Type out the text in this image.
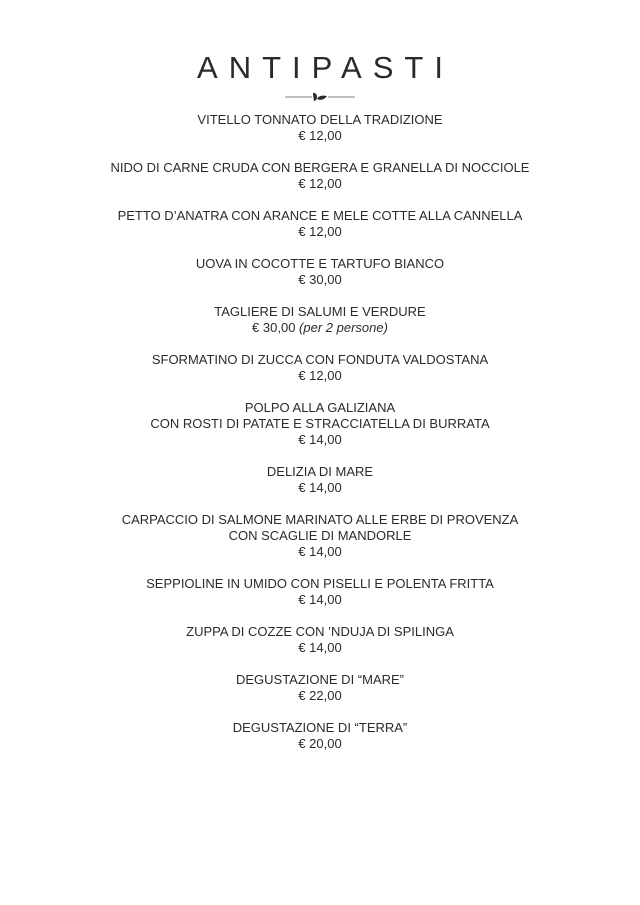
ANTIPASTI
VITELLO TONNATO DELLA TRADIZIONE
€ 12,00
NIDO DI CARNE CRUDA CON BERGERA E GRANELLA DI NOCCIOLE
€ 12,00
PETTO D’ANATRA CON ARANCE E MELE COTTE ALLA CANNELLA
€ 12,00
UOVA IN COCOTTE E TARTUFO BIANCO
€ 30,00
TAGLIERE DI SALUMI E VERDURE
€ 30,00 (per 2 persone)
SFORMATINO DI ZUCCA CON FONDUTA VALDOSTANA
€ 12,00
POLPO ALLA GALIZIANA
CON ROSTI DI PATATE E STRACCIATELLA DI BURRATA
€ 14,00
DELIZIA DI MARE
€ 14,00
CARPACCIO DI SALMONE MARINATO ALLE ERBE DI PROVENZA
CON SCAGLIE DI MANDORLE
€ 14,00
SEPPIOLINE IN UMIDO CON PISELLI E POLENTA FRITTA
€ 14,00
ZUPPA DI COZZE CON ’NDUJA DI SPILINGA
€ 14,00
DEGUSTAZIONE DI “MARE”
€ 22,00
DEGUSTAZIONE DI “TERRA”
€ 20,00
